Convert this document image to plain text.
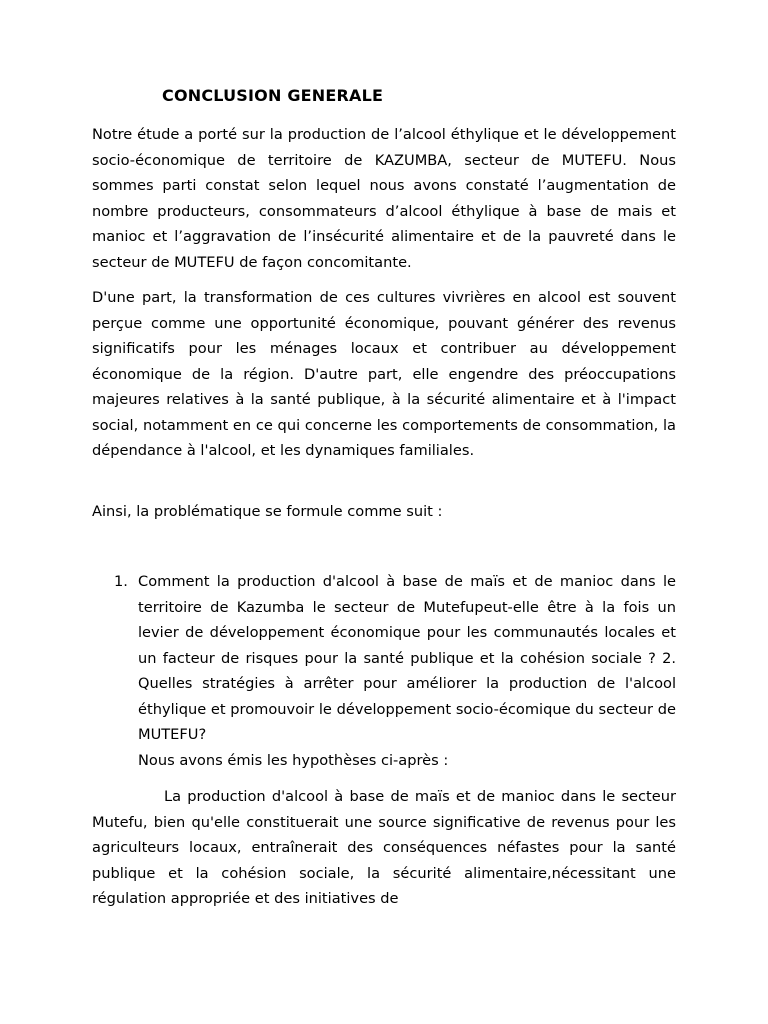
CONCLUSION GENERALE

Notre étude a porté sur la production de l’alcool éthylique et le développement socio-économique de territoire de KAZUMBA, secteur de MUTEFU. Nous sommes parti constat selon lequel nous avons constaté l’augmentation de nombre producteurs, consommateurs d’alcool éthylique à base de mais et manioc et l’aggravation de l’insécurité alimentaire et de la pauvreté dans le secteur de MUTEFU de façon concomitante.

D'une part, la transformation de ces cultures vivrières en alcool est souvent perçue comme une opportunité économique, pouvant générer des revenus significatifs pour les ménages locaux et contribuer au développement économique de la région. D'autre part, elle engendre des préoccupations majeures relatives à la santé publique, à la sécurité alimentaire et à l'impact social, notamment en ce qui concerne les comportements de consommation, la dépendance à l'alcool, et les dynamiques familiales.

Ainsi, la problématique se formule comme suit :

1. Comment la production d'alcool à base de maïs et de manioc dans le territoire de Kazumba le secteur de Mutefupeut-elle être à la fois un levier de développement économique pour les communautés locales et un facteur de risques pour la santé publique et la cohésion sociale ? 2. Quelles stratégies à arrêter pour améliorer la production de l'alcool éthylique et promouvoir le développement socio-écomique du secteur de MUTEFU?
Nous avons émis les hypothèses ci-après :

La production d'alcool à base de maïs et de manioc dans le secteur Mutefu, bien qu'elle constituerait une source significative de revenus pour les agriculteurs locaux, entraînerait des conséquences néfastes pour la santé publique et la cohésion sociale, la sécurité alimentaire,nécessitant une régulation appropriée et des initiatives de
